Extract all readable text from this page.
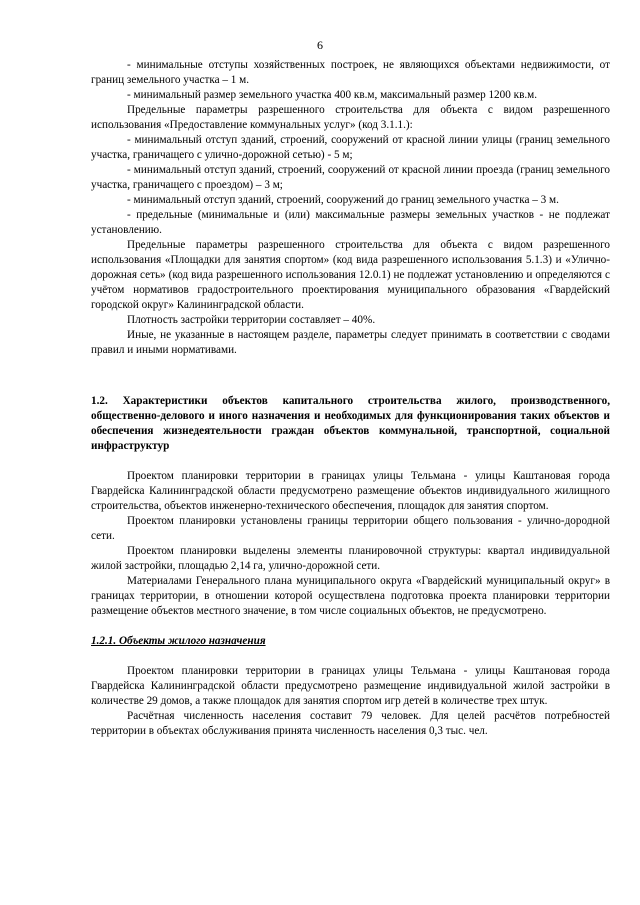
6

- минимальные отступы хозяйственных построек, не являющихся объектами недвижимости, от границ земельного участка – 1 м.

- минимальный размер земельного участка 400 кв.м, максимальный размер 1200 кв.м.

Предельные параметры разрешенного строительства для объекта с видом разрешенного использования «Предоставление коммунальных услуг» (код 3.1.1.):

- минимальный отступ зданий, строений, сооружений от красной линии улицы (границ земельного участка, граничащего с улично-дорожной сетью) - 5 м;

- минимальный отступ зданий, строений, сооружений от красной линии проезда (границ земельного участка, граничащего с проездом) – 3 м;

- минимальный отступ зданий, строений, сооружений до границ земельного участка – 3 м.

- предельные (минимальные и (или) максимальные размеры земельных участков - не подлежат установлению.

Предельные параметры разрешенного строительства для объекта с видом разрешенного использования «Площадки для занятия спортом» (код вида разрешенного использования 5.1.3) и «Улично-дорожная сеть» (код вида разрешенного использования 12.0.1) не подлежат установлению и определяются с учётом нормативов градостроительного проектирования муниципального образования «Гвардейский городской округ» Калининградской области.

Плотность застройки территории составляет – 40%.

Иные, не указанные в настоящем разделе, параметры следует принимать в соответствии с сводами правил и иными нормативами.

1.2. Характеристики объектов капитального строительства жилого, производственного, общественно-делового и иного назначения и необходимых для функционирования таких объектов и обеспечения жизнедеятельности граждан объектов коммунальной, транспортной, социальной инфраструктур

Проектом планировки территории в границах улицы Тельмана - улицы Каштановая города Гвардейска Калининградской области предусмотрено размещение объектов индивидуального жилищного строительства, объектов инженерно-технического обеспечения, площадок для занятия спортом.

Проектом планировки установлены границы территории общего пользования - улично-дородной сети.

Проектом планировки выделены элементы планировочной структуры: квартал индивидуальной жилой застройки, площадью 2,14 га, улично-дорожной сети.

Материалами Генерального плана муниципального округа «Гвардейский муниципальный округ» в границах территории, в отношении которой осуществлена подготовка проекта планировки территории размещение объектов местного значение, в том числе социальных объектов, не предусмотрено.

1.2.1. Объекты жилого назначения

Проектом планировки территории в границах улицы Тельмана - улицы Каштановая города Гвардейска Калининградской области предусмотрено размещение индивидуальной жилой застройки в количестве 29 домов, а также площадок для занятия спортом игр детей в количестве трех штук.

Расчётная численность населения составит 79 человек. Для целей расчётов потребностей территории в объектах обслуживания принята численность населения 0,3 тыс. чел.
